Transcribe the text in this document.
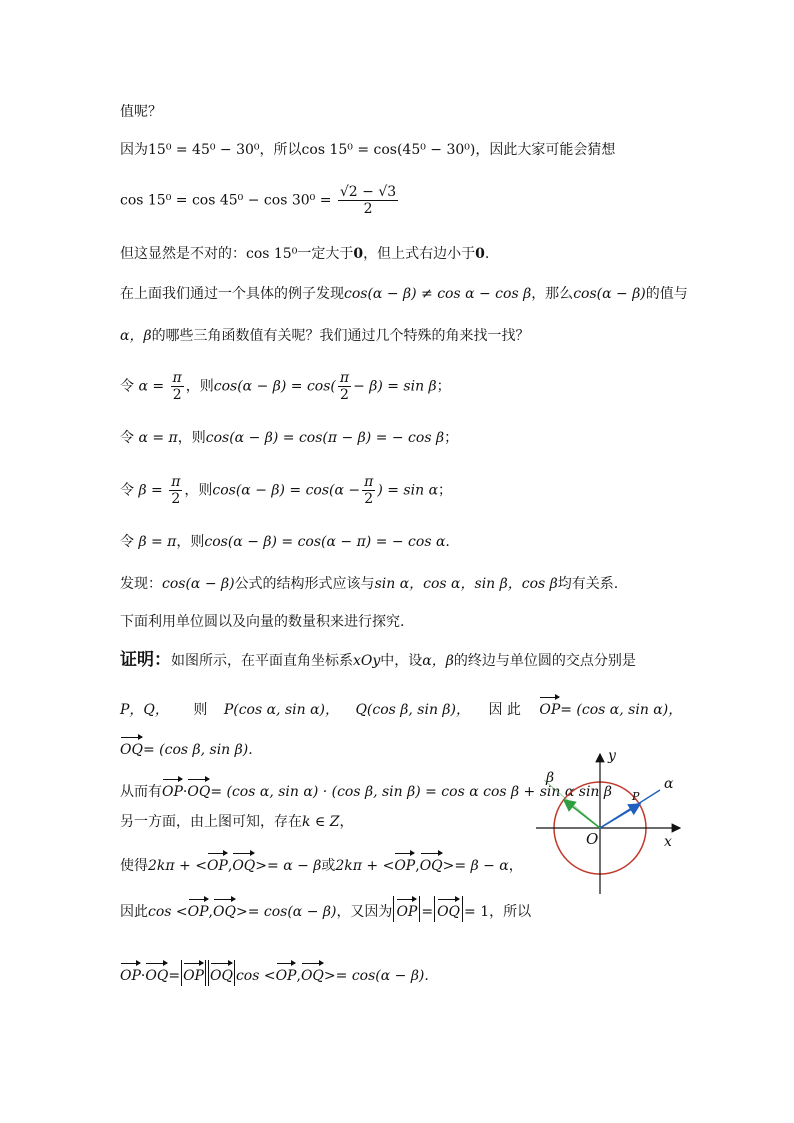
值呢？
因为15⁰ = 45⁰ − 30⁰，所以cos 15⁰ = cos(45⁰ − 30⁰)，因此大家可能会猜想
$\cos 15^0 = \cos 45^0 - \cos 30^0 = \frac{√2 - √3}{2}$
但这显然是不对的：cos 15⁰一定大于0，但上式右边小于0.
在上面我们通过一个具体的例子发现cos(α − β) ≠ cos α − cos β，那么cos(α − β)的值与
α，β的哪些三角函数值有关呢？我们通过几个特殊的角来找一找？
令 $\alpha = \frac{\pi}{2}$ ，则$\cos(\alpha - \beta) = \cos( \frac{\pi}{2} - \beta) = \sin \beta$；
令 α = π，则cos(α − β) = cos(π − β) = − cos β；
令 $\beta = \frac{\pi}{2}$ ，则$\cos(\alpha - \beta) = \cos(\alpha - \frac{\pi}{2}$ ) = sin α；
令 β = π，则cos(α − β) = cos(α − π) = − cos α.
发现：cos(α − β)公式的结构形式应该与sin α，cos α，sin β，cos β均有关系.
下面利用单位圆以及向量的数量积来进行探究.
证明：如图所示，在平面直角坐标系xOy中，设α，β的终边与单位圆的交点分别是
P，Q， 则 P(cos α, sin α)， Q(cos β, sin β)， 因 此 OP= (cos α, sin α)，
OQ= (cos β, sin β).
从而有OP·OQ= (cos α, sin α) · (cos β, sin β) = cos α cos β + sin α sin β
另一方面，由上图可知，存在k ∈ Z，
使得2kπ + <OP,OQ>= α − β或2kπ + <OP,OQ>= β − α，
因此cos <OP,OQ>= cos(α − β)，又因为 OP = OQ = 1，所以
OP·OQ= OP OQ cos <OP,OQ>= cos(α − β).
y
x
O
P
α
β
